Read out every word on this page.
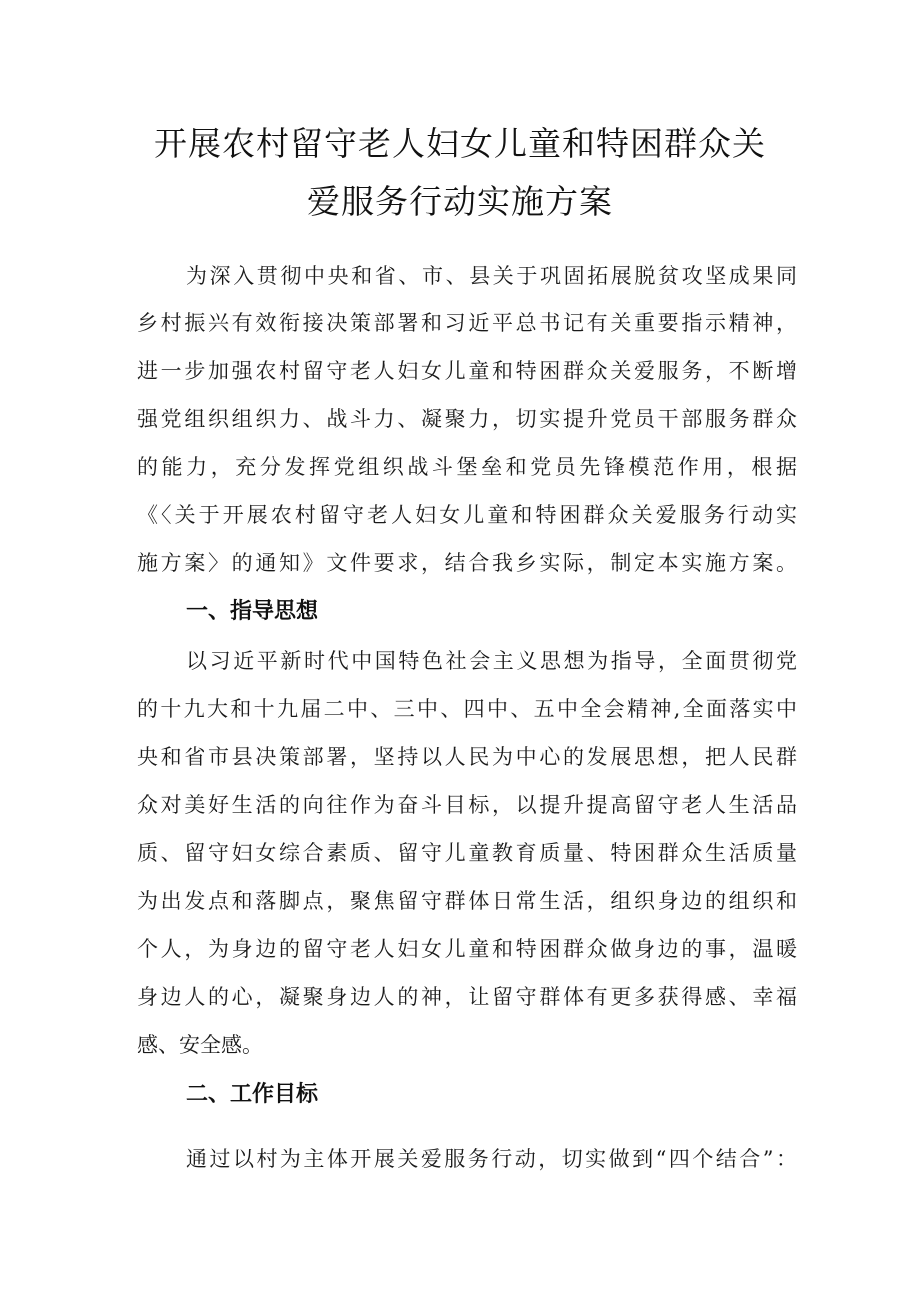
开展农村留守老人妇女儿童和特困群众关
爱服务行动实施方案
为深入贯彻中央和省、市、县关于巩固拓展脱贫攻坚成果同
乡村振兴有效衔接决策部署和习近平总书记有关重要指示精神，
进一步加强农村留守老人妇女儿童和特困群众关爱服务，不断增
强党组织组织力、战斗力、凝聚力，切实提升党员干部服务群众
的能力，充分发挥党组织战斗堡垒和党员先锋模范作用，根据
《〈关于开展农村留守老人妇女儿童和特困群众关爱服务行动实
施方案〉的通知》文件要求，结合我乡实际，制定本实施方案。
一、指导思想
以习近平新时代中国特色社会主义思想为指导，全面贯彻党
的十九大和十九届二中、三中、四中、五中全会精神,全面落实中
央和省市县决策部署，坚持以人民为中心的发展思想，把人民群
众对美好生活的向往作为奋斗目标，以提升提高留守老人生活品
质、留守妇女综合素质、留守儿童教育质量、特困群众生活质量
为出发点和落脚点，聚焦留守群体日常生活，组织身边的组织和
个人，为身边的留守老人妇女儿童和特困群众做身边的事，温暖
身边人的心，凝聚身边人的神，让留守群体有更多获得感、幸福
感、安全感。
二、工作目标
通过以村为主体开展关爱服务行动，切实做到“四个结合”：
